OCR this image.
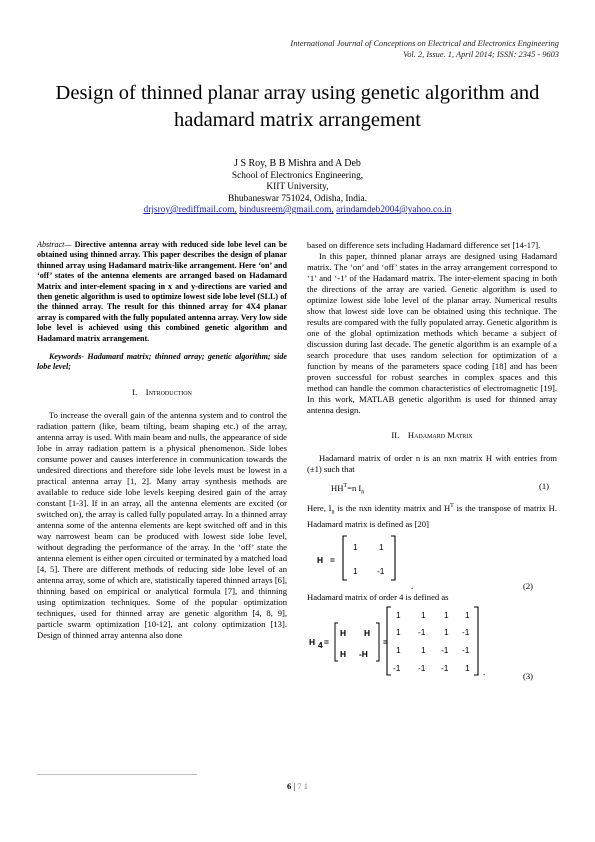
International Journal of Conceptions on Electrical and Electronics Engineering
Vol. 2, Issue. 1, April 2014; ISSN: 2345 - 9603
Design of thinned planar array using genetic algorithm and hadamard matrix arrangement
J S Roy, B B Mishra and A Deb
School of Electronics Engineering,
KIIT University,
Bhubaneswar 751024, Odisha, India.
drjsroy@rediffmail.com, bindusreem@gmail.com, arindamdeb2004@yahoo.co.in

Abstract— Directive antenna array with reduced side lobe level can be obtained using thinned array. This paper describes the design of planar thinned array using Hadamard matrix-like arrangement. Here ‘on’ and ‘off’ states of the antenna elements are arranged based on Hadamard Matrix and inter-element spacing in x and y-directions are varied and then genetic algorithm is used to optimize lowest side lobe level (SLL) of the thinned array. The result for this thinned array for 4X4 planar array is compared with the fully populated antenna array. Very low side lobe level is achieved using this combined genetic algorithm and Hadamard matrix arrangement.

Keywords- Hadamard matrix; thinned array; genetic algorithm; side lobe level;

I. Introduction

To increase the overall gain of the antenna system and to control the radiation pattern (like, beam tilting, beam shaping etc.) of the array, antenna array is used. With main beam and nulls, the appearance of side lobe in array radiation pattern is a physical phenomenon. Side lobes consume power and causes interference in communication towards the undesired directions and therefore side lobe levels must be lowest in a practical antenna array [1, 2]. Many array synthesis methods are available to reduce side lobe levels keeping desired gain of the array constant [1-3]. If in an array, all the antenna elements are excited (or switched on), the array is called fully populated array. In a thinned array antenna some of the antenna elements are kept switched off and in this way narrowest beam can be produced with lowest side lobe level, without degrading the performance of the array. In the ‘off’ state the antenna element is either open circuited or terminated by a matched load [4, 5]. There are different methods of reducing side lobe level of an antenna array, some of which are, statistically tapered thinned arrays [6], thinning based on empirical or analytical formula [7], and thinning using optimization techniques. Some of the popular optimization techniques, used for thinned array are genetic algorithm [4, 8, 9], particle swarm optimization [10-12], ant colony optimization [13]. Design of thinned array antenna also done

based on difference sets including Hadamard difference set [14-17].

In this paper, thinned planar arrays are designed using Hadamard matrix. The ‘on’ and ‘off’ states in the array arrangement correspond to ‘1’ and ‘-1’ of the Hadamard matrix. The inter-element spacing in both the directions of the array are varied. Genetic algorithm is used to optimize lowest side lobe level of the planar array. Numerical results show that lowest side love can be obtained using this technique. The results are compared with the fully populated array. Genetic algorithm is one of the global optimization methods which became a subject of discussion during last decade. The genetic algorithm is an example of a search procedure that uses random selection for optimization of a function by means of the parameters space coding [18] and has been proven successful for robust searches in complex spaces and this method can handle the common characteristics of electromagnetic [19]. In this work, MATLAB genetic algorithm is used for thinned array antenna design.

II. Hadamard Matrix

Hadamard matrix of order n is an nxn matrix H with entries from (±1) such that

$HH^T=n$ $I_n$
(1)

Here, $I_n$ is the nxn identity matrix and $H^T$ is the transpose of matrix H. Hadamard matrix is defined as [20]

H =
1	1
1 -1
.	(2)

Hadamard matrix of order 4 is defined as

H 4 =
H H
H -H
=
1 1 1 1
1 -1 1 -1
1 1 -1 -1
-1 -1 -1 1 .	(3)
6 | 7 1
